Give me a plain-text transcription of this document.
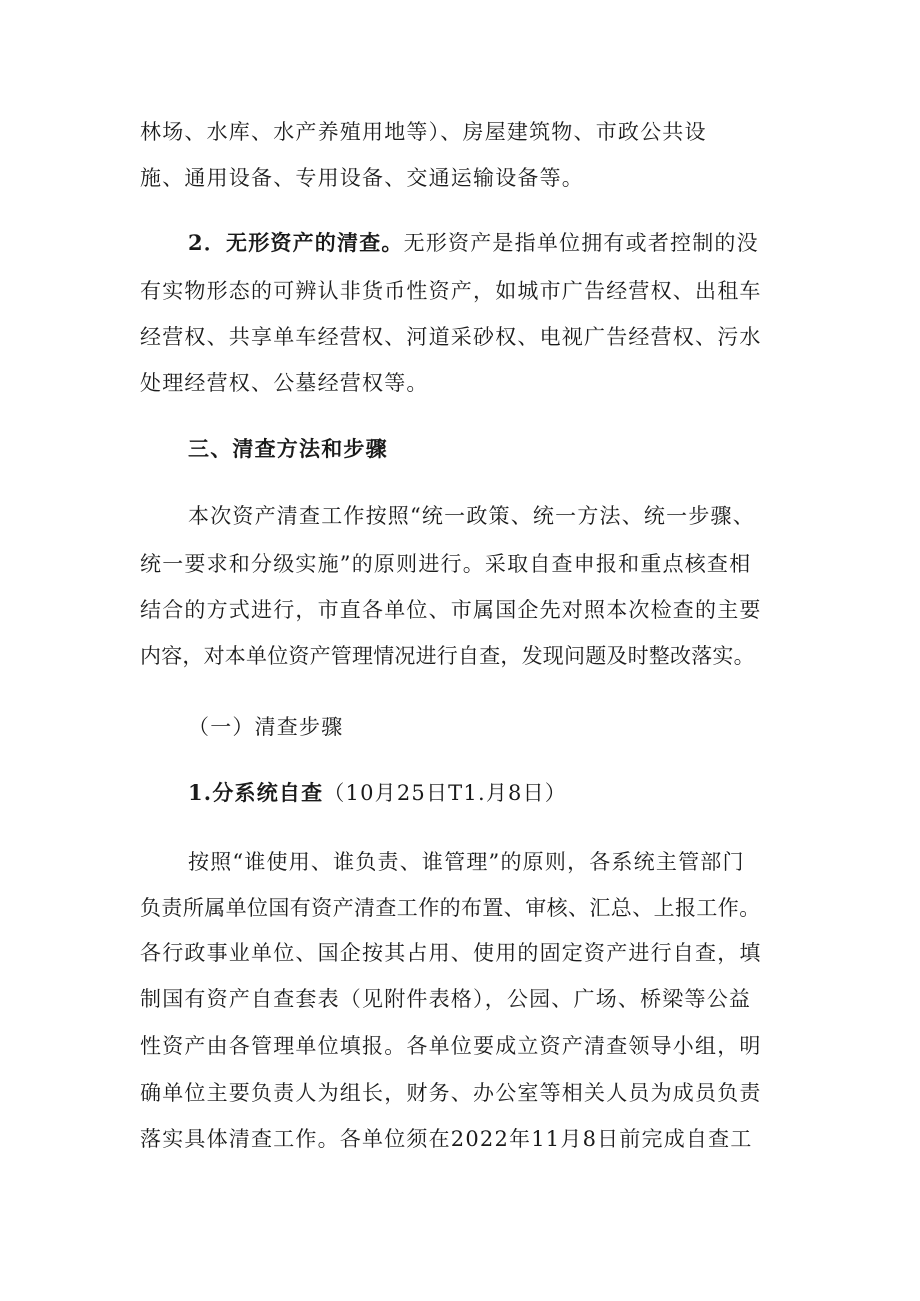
林场、水库、水产养殖用地等）、房屋建筑物、市政公共设
施、通用设备、专用设备、交通运输设备等。
2．无形资产的清查。无形资产是指单位拥有或者控制的没
有实物形态的可辨认非货币性资产，如城市广告经营权、出租车
经营权、共享单车经营权、河道采砂权、电视广告经营权、污水
处理经营权、公墓经营权等。
三、清查方法和步骤
本次资产清查工作按照“统一政策、统一方法、统一步骤、
统一要求和分级实施”的原则进行。采取自查申报和重点核查相
结合的方式进行，市直各单位、市属国企先对照本次检查的主要
内容，对本单位资产管理情况进行自查，发现问题及时整改落实。
（一）清查步骤
1.分系统自查（10月25日T1.月8日）
按照“谁使用、谁负责、谁管理”的原则，各系统主管部门
负责所属单位国有资产清查工作的布置、审核、汇总、上报工作。
各行政事业单位、国企按其占用、使用的固定资产进行自查，填
制国有资产自查套表（见附件表格），公园、广场、桥梁等公益
性资产由各管理单位填报。各单位要成立资产清查领导小组，明
确单位主要负责人为组长，财务、办公室等相关人员为成员负责
落实具体清查工作。各单位须在2022年11月8日前完成自查工
